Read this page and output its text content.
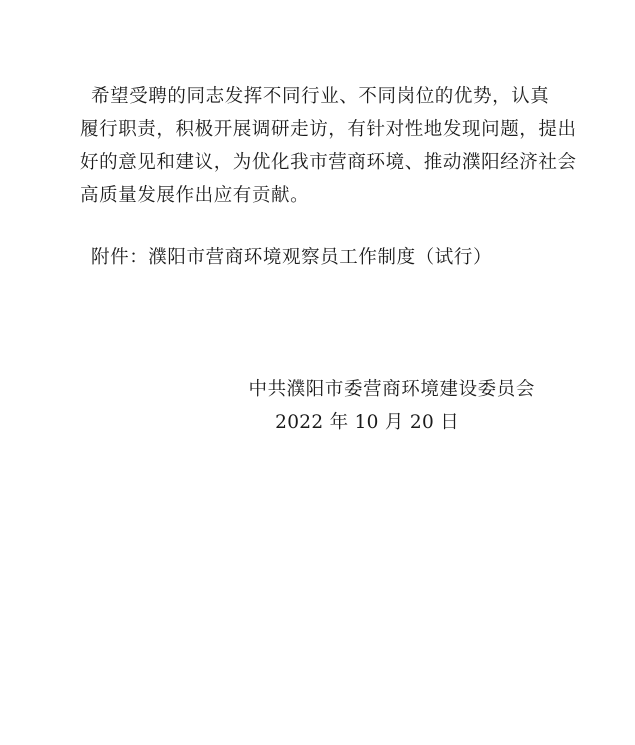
希望受聘的同志发挥不同行业、不同岗位的优势，认真
履行职责，积极开展调研走访，有针对性地发现问题，提出
好的意见和建议，为优化我市营商环境、推动濮阳经济社会
高质量发展作出应有贡献。
附件：濮阳市营商环境观察员工作制度（试行）
中共濮阳市委营商环境建设委员会
2022 年 10 月 20 日
